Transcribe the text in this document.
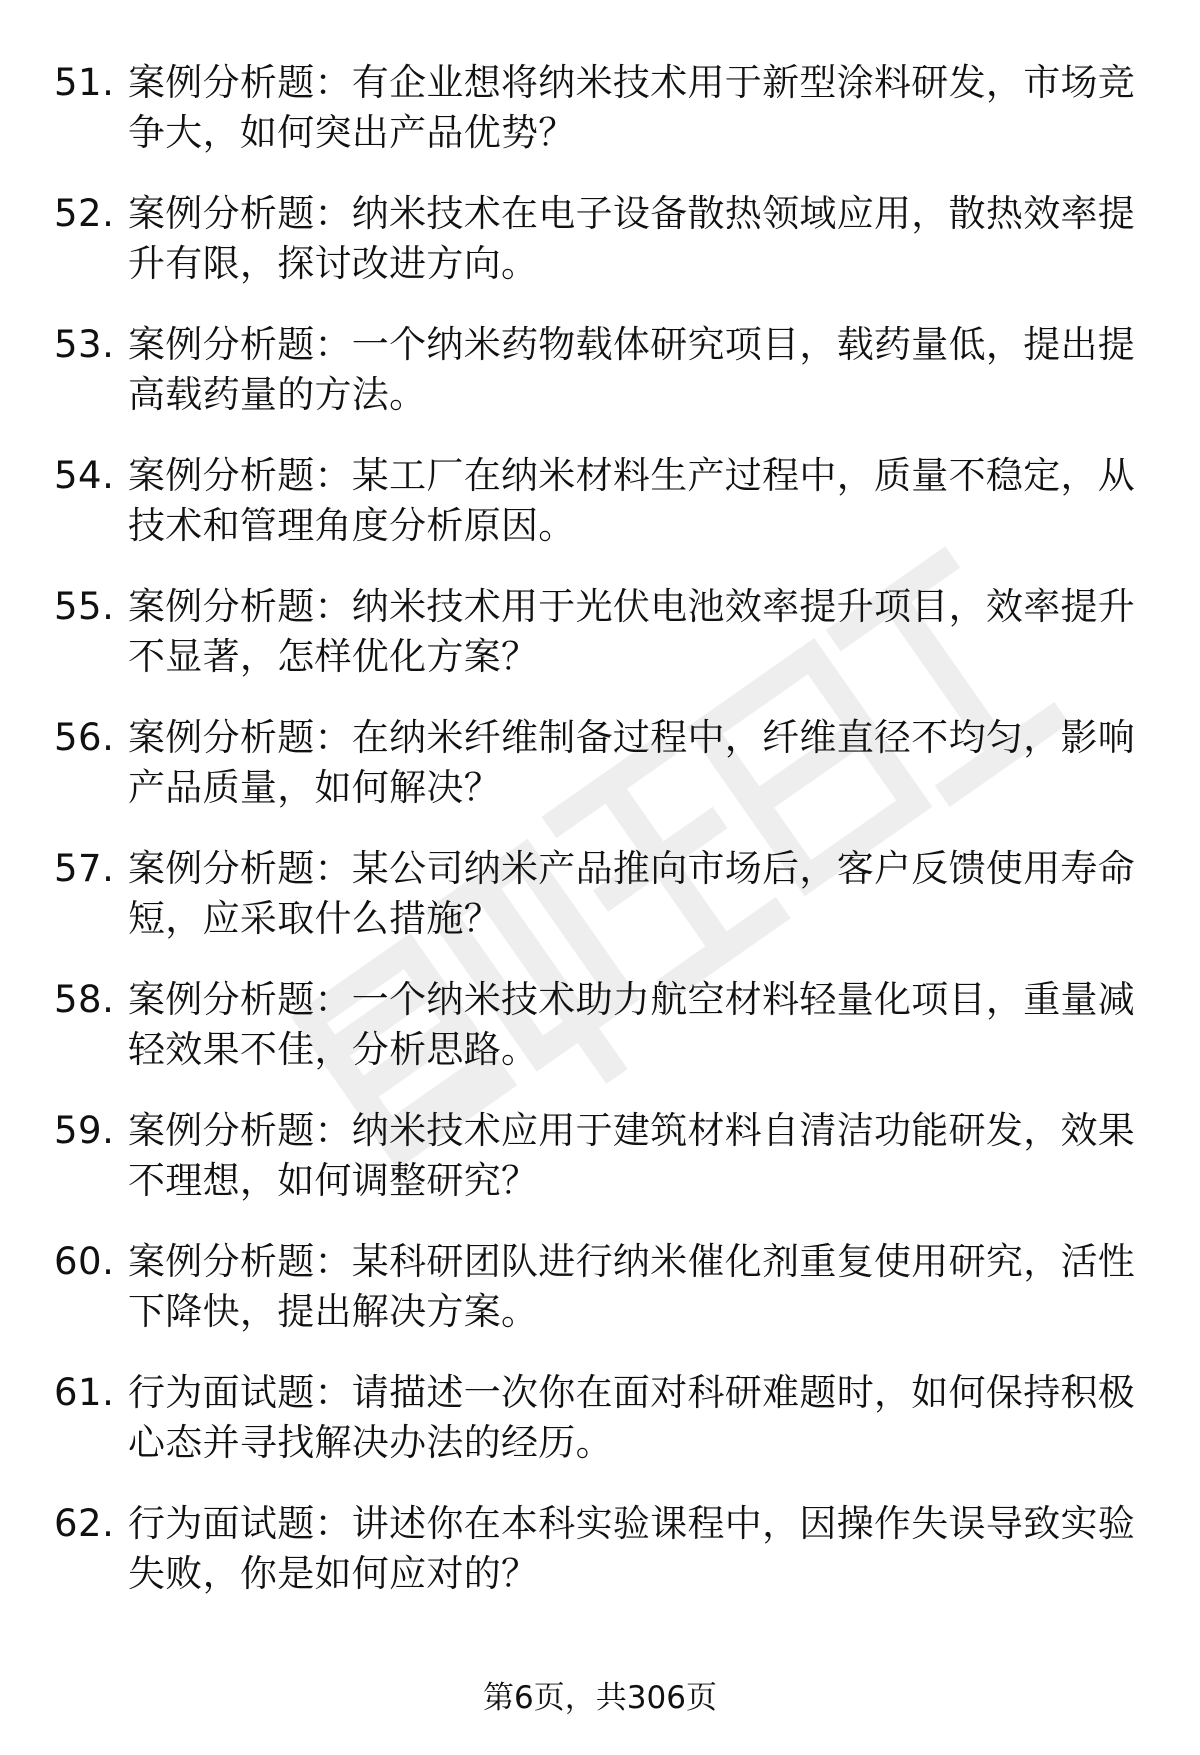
51. 案例分析题：有企业想将纳米技术用于新型涂料研发，市场竞争大，如何突出产品优势？
52. 案例分析题：纳米技术在电子设备散热领域应用，散热效率提升有限，探讨改进方向。
53. 案例分析题：一个纳米药物载体研究项目，载药量低，提出提高载药量的方法。
54. 案例分析题：某工厂在纳米材料生产过程中，质量不稳定，从技术和管理角度分析原因。
55. 案例分析题：纳米技术用于光伏电池效率提升项目，效率提升不显著，怎样优化方案？
56. 案例分析题：在纳米纤维制备过程中，纤维直径不均匀，影响产品质量，如何解决？
57. 案例分析题：某公司纳米产品推向市场后，客户反馈使用寿命短，应采取什么措施？
58. 案例分析题：一个纳米技术助力航空材料轻量化项目，重量减轻效果不佳，分析思路。
59. 案例分析题：纳米技术应用于建筑材料自清洁功能研发，效果不理想，如何调整研究？
60. 案例分析题：某科研团队进行纳米催化剂重复使用研究，活性下降快，提出解决方案。
61. 行为面试题：请描述一次你在面对科研难题时，如何保持积极心态并寻找解决办法的经历。
62. 行为面试题：讲述你在本科实验课程中，因操作失误导致实验失败，你是如何应对的？
第6页，共306页
